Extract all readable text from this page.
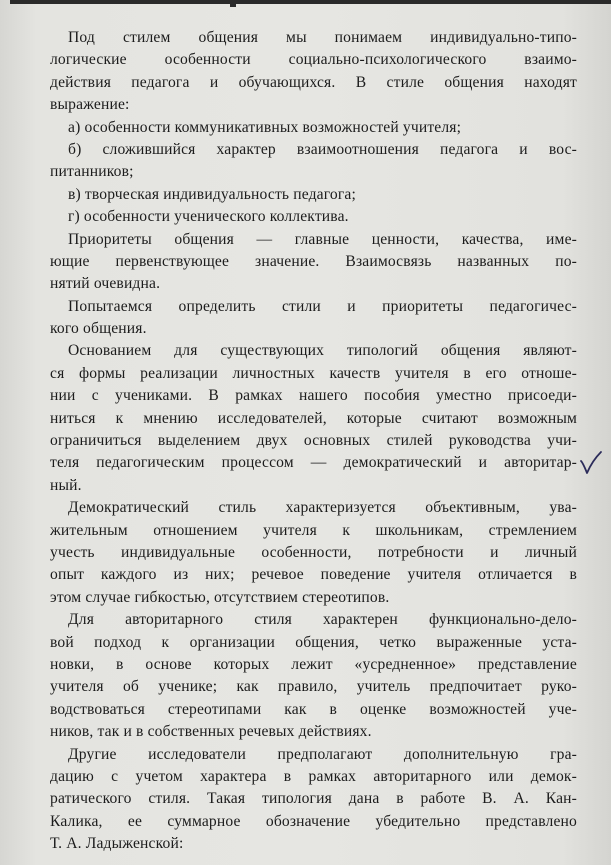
Под стилем общения мы понимаем индивидуально-типо-
логические особенности социально-психологического взаимо-
действия педагога и обучающихся. В стиле общения находят
выражение:
а) особенности коммуникативных возможностей учителя;
б) сложившийся характер взаимоотношения педагога и вос-
питанников;
в) творческая индивидуальность педагога;
г) особенности ученического коллектива.
Приоритеты общения — главные ценности, качества, име-
ющие первенствующее значение. Взаимосвязь названных по-
нятий очевидна.
Попытаемся определить стили и приоритеты педагогичес-
кого общения.
Основанием для существующих типологий общения являют-
ся формы реализации личностных качеств учителя в его отноше-
нии с учениками. В рамках нашего пособия уместно присоеди-
ниться к мнению исследователей, которые считают возможным
ограничиться выделением двух основных стилей руководства учи-
теля педагогическим процессом — демократический и авторитар-
ный.
Демократический стиль характеризуется объективным, ува-
жительным отношением учителя к школьникам, стремлением
учесть индивидуальные особенности, потребности и личный
опыт каждого из них; речевое поведение учителя отличается в
этом случае гибкостью, отсутствием стереотипов.
Для авторитарного стиля характерен функционально-дело-
вой подход к организации общения, четко выраженные уста-
новки, в основе которых лежит «усредненное» представление
учителя об ученике; как правило, учитель предпочитает руко-
водствоваться стереотипами как в оценке возможностей уче-
ников, так и в собственных речевых действиях.
Другие исследователи предполагают дополнительную гра-
дацию с учетом характера в рамках авторитарного или демок-
ратического стиля. Такая типология дана в работе В. А. Кан-
Калика, ее суммарное обозначение убедительно представлено
Т. А. Ладыженской:
